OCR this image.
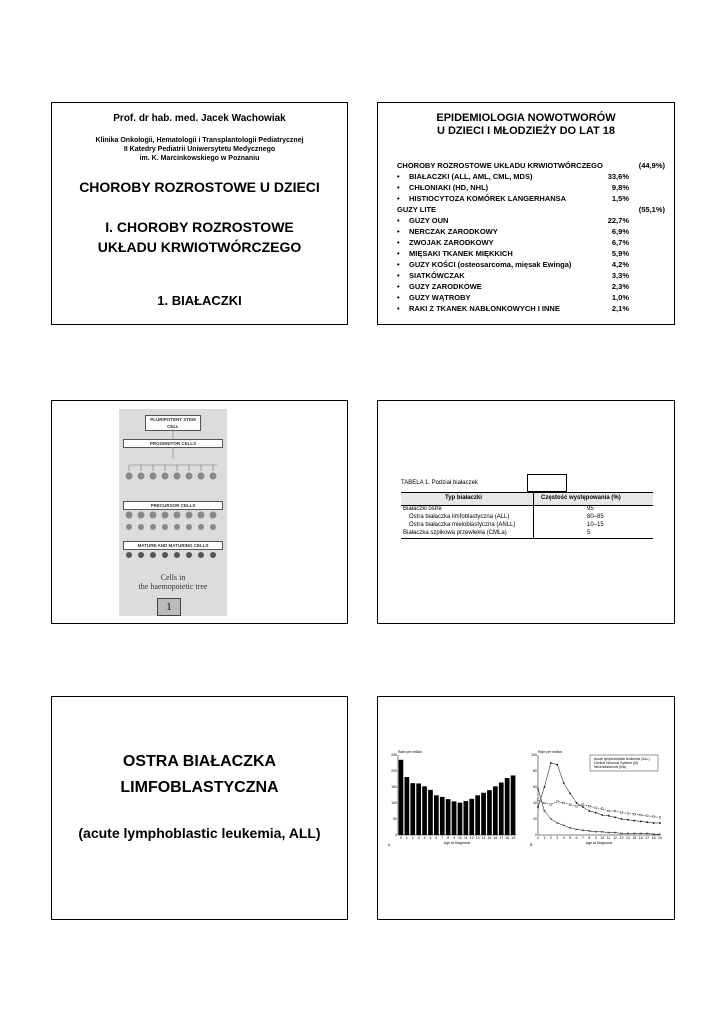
Prof. dr hab. med. Jacek Wachowiak
Klinika Onkologii, Hematologii i Transplantologii Pediatrycznej
II Katedry Pediatrii Uniwersytetu Medycznego
im. K. Marcinkowskiego w Poznaniu
CHOROBY ROZROSTOWE U DZIECI
I. CHOROBY ROZROSTOWE
UKŁADU KRWIOTWÓRCZEGO
1. BIAŁACZKI
EPIDEMIOLOGIA NOWOTWORÓW
U DZIECI I MŁODZIEŻY DO LAT 18
CHOROBY ROZROSTOWE UKŁADU KRWIOTWÓRCZEGO	(44,9%)
• BIAŁACZKI (ALL, AML, CML, MDS)	33,6%
• CHŁONIAKI (HD, NHL)	9,8%
• HISTIOCYTOZA KOMÓREK LANGERHANSA	1,5%
GUZY LITE	(55,1%)
• GUZY OUN	22,7%
• NERCZAK ZARODKOWY	6,9%
• ZWOJAK ZARODKOWY	6,7%
• MIĘSAKI TKANEK MIĘKKICH	5,9%
• GUZY KOŚCI (osteosarcoma, mięsak Ewinga)	4,2%
• SIATKÓWCZAK	3,3%
• GUZY ZARODKOWE	2,3%
• GUZY WĄTROBY	1,0%
• RAKI Z TKANEK NABŁONKOWYCH I INNE	2,1%
PLURIPOTENT STEM CELL
PROGENITOR CELLS
PRECURSOR CELLS
MATURE AND MATURING CELLS
Cells in
the haemopoietic tree
1
TABELA 1. Podział białaczek
Typ białaczki	Częstość występowania (%)
Białaczki ostre	95
Ostra białaczka limfoblastyczna (ALL)	80–85
Ostra białaczka mieloblastyczna (ANLL)	10–15
Białaczka szpikowa przewlekła (CMLa)	5
OSTRA BIAŁACZKA
LIMFOBLASTYCZNA
(acute lymphoblastic leukemia, ALL)
Rate per million
Age at Diagnosis
A
0 1 2 3 4 5 6 7 8 9 10 11 12 13 14 15 16 17 18 19
0
50
100
150
200
250
Rate per million
Age at Diagnosis
B
Acute lymphoblastic leukemia (ALL)
Central Nervous System (IIl)
Neuroblastoma (IVa)
0 1 2 3 4 5 6 7 8 9 10 11 12 13 14 15 16 17 18 19
0
20
40
60
80
100
